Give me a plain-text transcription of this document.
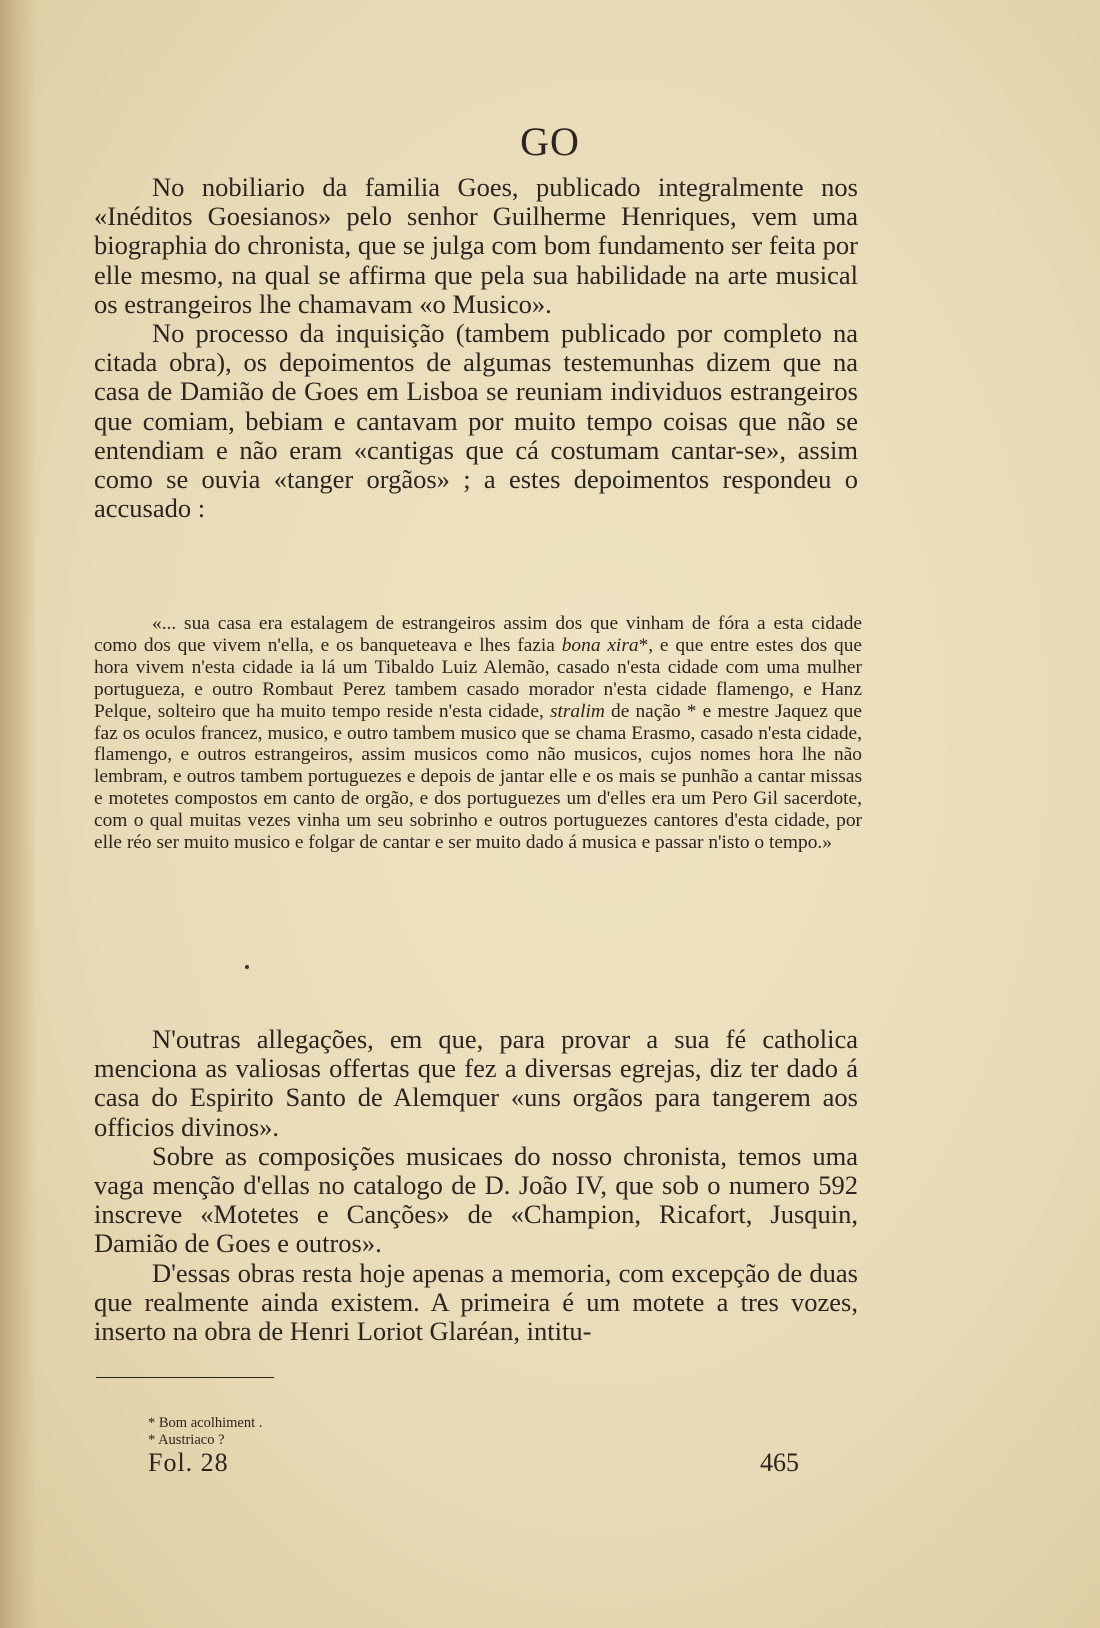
GO

No nobiliario da familia Goes, publicado integralmente nos «Inéditos Goesianos» pelo senhor Guilherme Henriques, vem uma biographia do chronista, que se julga com bom fundamento ser feita por elle mesmo, na qual se affirma que pela sua habilidade na arte musical os estrangeiros lhe chamavam «o Musico».

No processo da inquisição (tambem publicado por completo na citada obra), os depoimentos de algumas testemunhas dizem que na casa de Damião de Goes em Lisboa se reuniam individuos estrangeiros que comiam, bebiam e cantavam por muito tempo coisas que não se entendiam e não eram «cantigas que cá costumam cantar-se», assim como se ouvia «tanger orgãos» ; a estes depoimentos respondeu o accusado :

«... sua casa era estalagem de estrangeiros assim dos que vinham de fóra a esta cidade como dos que vivem n'ella, e os banqueteava e lhes fazia bona xira*, e que entre estes dos que hora vivem n'esta cidade ia lá um Tibaldo Luiz Alemão, casado n'esta cidade com uma mulher portugueza, e outro Rombaut Perez tambem casado morador n'esta cidade flamengo, e Hanz Pelque, solteiro que ha muito tempo reside n'esta cidade, stralim de nação * e mestre Jaquez que faz os oculos francez, musico, e outro tambem musico que se chama Erasmo, casado n'esta cidade, flamengo, e outros estrangeiros, assim musicos como não musicos, cujos nomes hora lhe não lembram, e outros tambem portuguezes e depois de jantar elle e os mais se punhão a cantar missas e motetes compostos em canto de orgão, e dos portuguezes um d'elles era um Pero Gil sacerdote, com o qual muitas vezes vinha um seu sobrinho e outros portuguezes cantores d'esta cidade, por elle réo ser muito musico e folgar de cantar e ser muito dado á musica e passar n'isto o tempo.»

N'outras allegações, em que, para provar a sua fé catholica menciona as valiosas offertas que fez a diversas egrejas, diz ter dado á casa do Espirito Santo de Alemquer «uns orgãos para tangerem aos officios divinos».

Sobre as composições musicaes do nosso chronista, temos uma vaga menção d'ellas no catalogo de D. João IV, que sob o numero 592 inscreve «Motetes e Canções» de «Champion, Ricafort, Jusquin, Damião de Goes e outros».

D'essas obras resta hoje apenas a memoria, com excepção de duas que realmente ainda existem. A primeira é um motete a tres vozes, inserto na obra de Henri Loriot Glaréan, intitu-

* Bom acolhiment .
* Austriaco ?
Fol. 28	465
